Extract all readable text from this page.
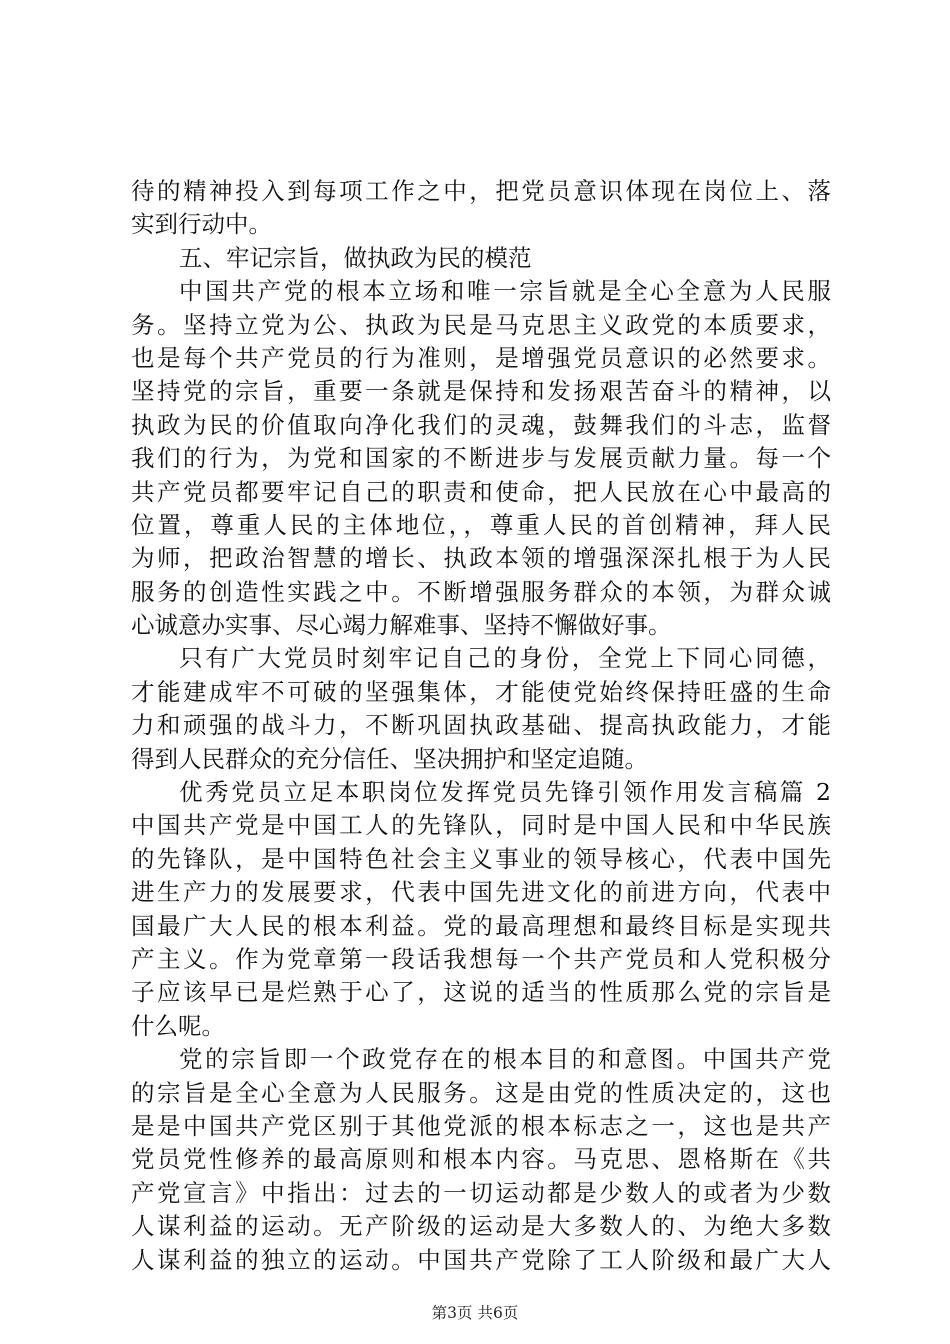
待的精神投入到每项工作之中，把党员意识体现在岗位上、落
实到行动中。
五、牢记宗旨，做执政为民的模范
中国共产党的根本立场和唯一宗旨就是全心全意为人民服
务。坚持立党为公、执政为民是马克思主义政党的本质要求，
也是每个共产党员的行为准则，是增强党员意识的必然要求。
坚持党的宗旨，重要一条就是保持和发扬艰苦奋斗的精神，以
执政为民的价值取向净化我们的灵魂，鼓舞我们的斗志，监督
我们的行为，为党和国家的不断进步与发展贡献力量。每一个
共产党员都要牢记自己的职责和使命，把人民放在心中最高的
位置，尊重人民的主体地位，，尊重人民的首创精神，拜人民
为师，把政治智慧的增长、执政本领的增强深深扎根于为人民
服务的创造性实践之中。不断增强服务群众的本领，为群众诚
心诚意办实事、尽心竭力解难事、坚持不懈做好事。
只有广大党员时刻牢记自己的身份，全党上下同心同德，
才能建成牢不可破的坚强集体，才能使党始终保持旺盛的生命
力和顽强的战斗力，不断巩固执政基础、提高执政能力，才能
得到人民群众的充分信任、坚决拥护和坚定追随。
优秀党员立足本职岗位发挥党员先锋引领作用发言稿篇 2
中国共产党是中国工人的先锋队，同时是中国人民和中华民族
的先锋队，是中国特色社会主义事业的领导核心，代表中国先
进生产力的发展要求，代表中国先进文化的前进方向，代表中
国最广大人民的根本利益。党的最高理想和最终目标是实现共
产主义。作为党章第一段话我想每一个共产党员和人党积极分
子应该早已是烂熟于心了，这说的适当的性质那么党的宗旨是
什么呢。
党的宗旨即一个政党存在的根本目的和意图。中国共产党
的宗旨是全心全意为人民服务。这是由党的性质决定的，这也
是是中国共产党区别于其他党派的根本标志之一，这也是共产
党员党性修养的最高原则和根本内容。马克思、恩格斯在《共
产党宣言》中指出：过去的一切运动都是少数人的或者为少数
人谋利益的运动。无产阶级的运动是大多数人的、为绝大多数
人谋利益的独立的运动。中国共产党除了工人阶级和最广大人
第3页 共6页
